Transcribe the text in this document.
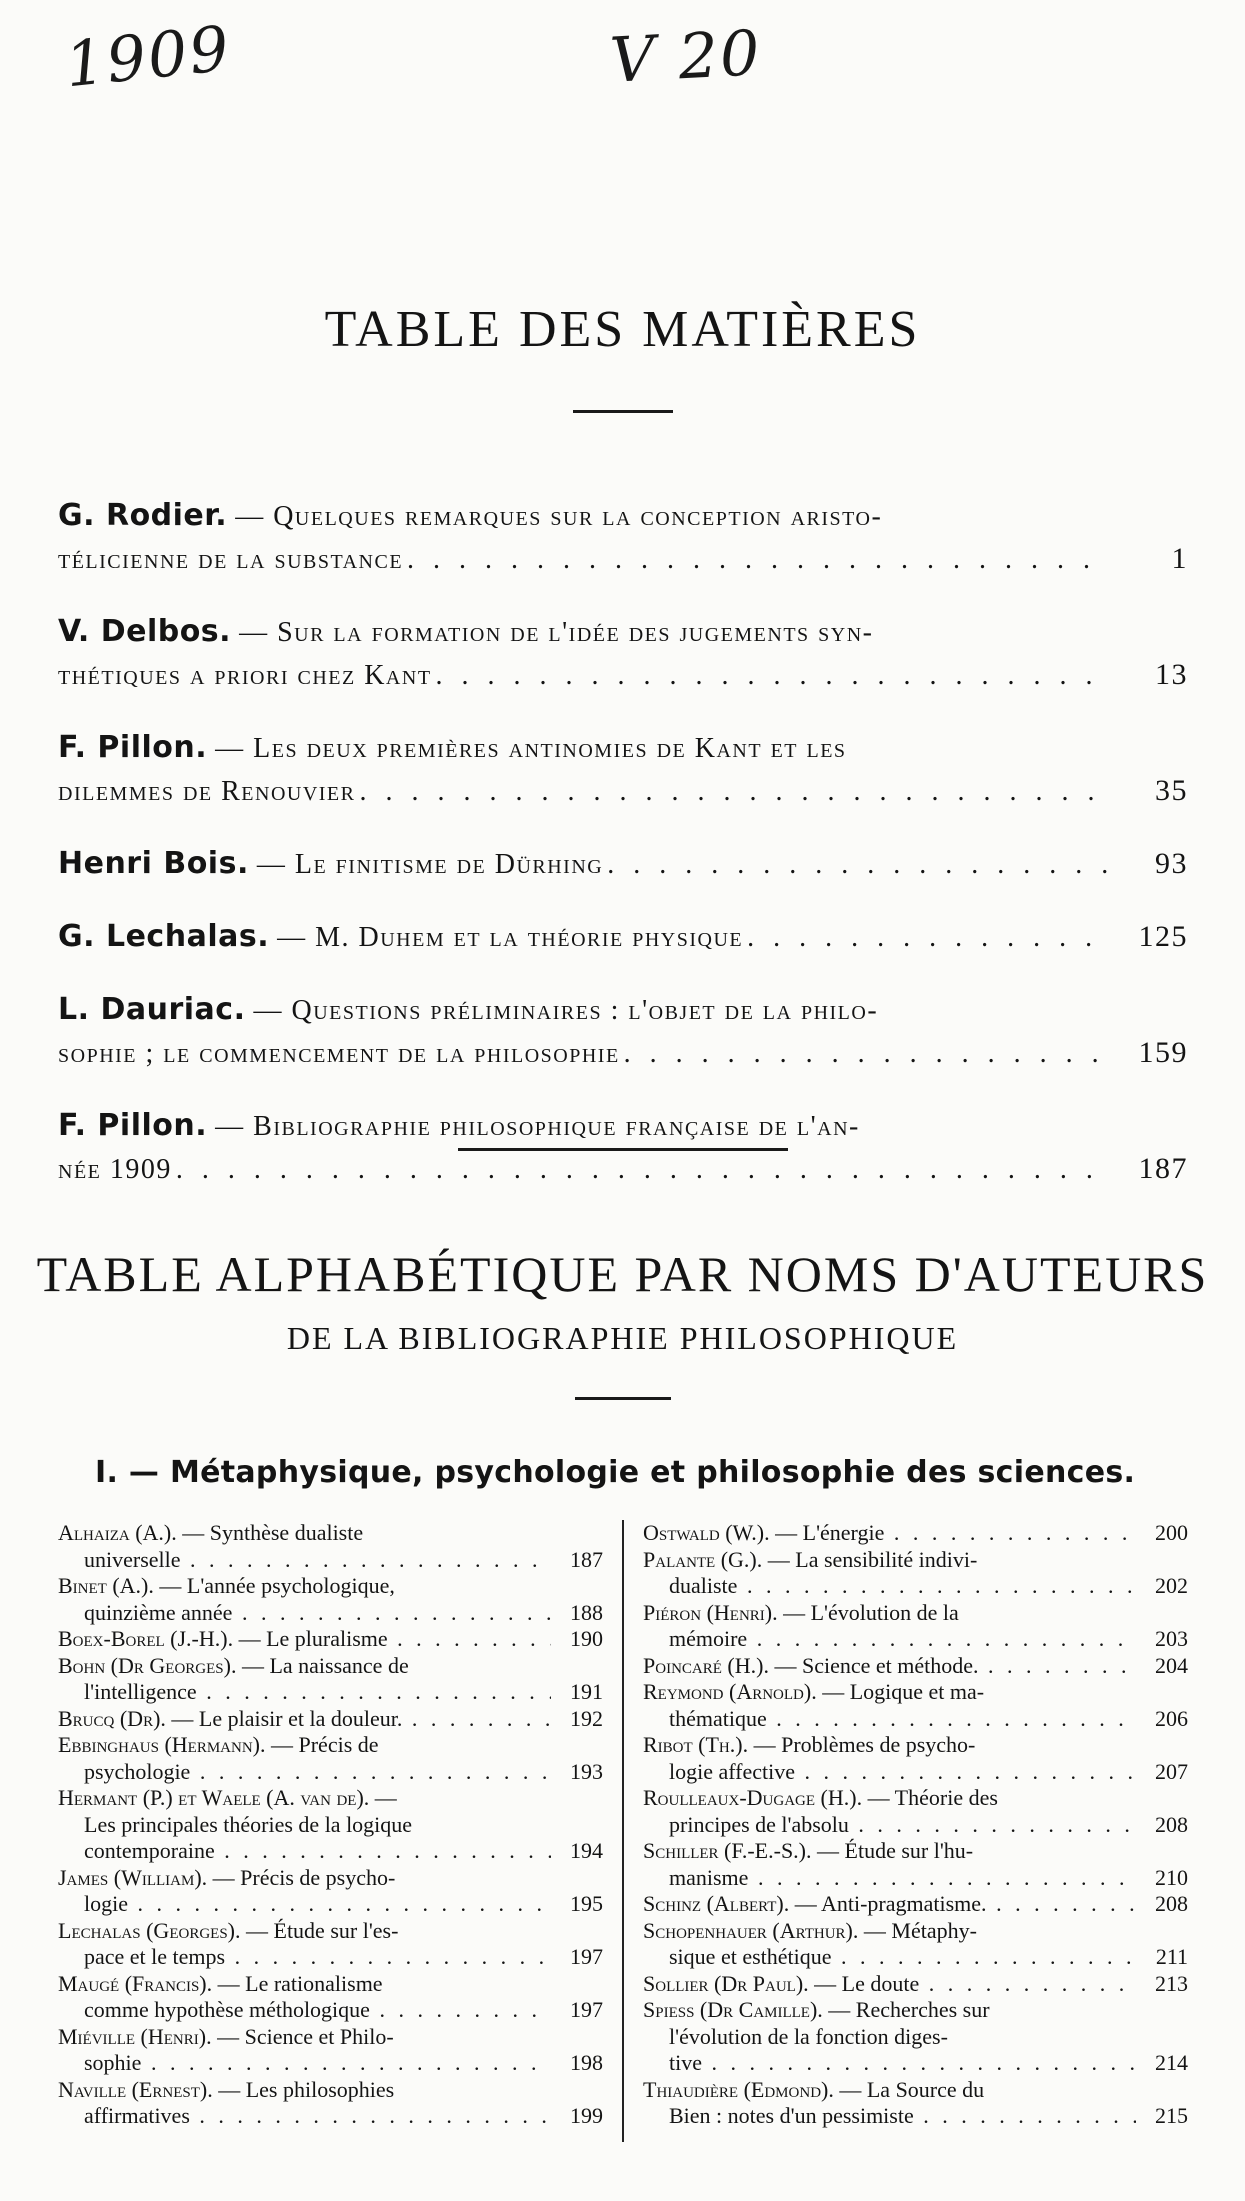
1909	V 20
TABLE DES MATIÈRES
G. Rodier. — Quelques remarques sur la conception aristo-
télicienne de la substance . . .	1
V. Delbos. — Sur la formation de l'idée des jugements syn-
thétiques a priori chez Kant . . .	13
F. Pillon. — Les deux premières antinomies de Kant et les
dilemmes de Renouvier . . .	35
Henri Bois. — Le finitisme de Dürhing . . .	93
G. Lechalas. — M. Duhem et la théorie physique . . .	125
L. Dauriac. — Questions préliminaires : l'objet de la philo-
sophie ; le commencement de la philosophie . . .	159
F. Pillon. — Bibliographie philosophique française de l'an-
née 1909 . . .	187
TABLE ALPHABÉTIQUE PAR NOMS D'AUTEURS
DE LA BIBLIOGRAPHIE PHILOSOPHIQUE
I. — Métaphysique, psychologie et philosophie des sciences.
Alhaiza (A.). — Synthèse dualiste
universelle . . .	187
Binet (A.). — L'année psychologique,
quinzième année . . .	188
Boex-Borel (J.-H.). — Le pluralisme . . .	190
Bohn (Dr Georges). — La naissance de
l'intelligence . . .	191
Brucq (Dr). — Le plaisir et la douleur. . . .	192
Ebbinghaus (Hermann). — Précis de
psychologie . . .	193
Hermant (P.) et Waele (A. van de). —
Les principales théories de la logique
contemporaine . . .	194
James (William). — Précis de psycho-
logie . . .	195
Lechalas (Georges). — Étude sur l'es-
pace et le temps . . .	197
Maugé (Francis). — Le rationalisme
comme hypothèse méthologique . . .	197
Miéville (Henri). — Science et Philo-
sophie . . .	198
Naville (Ernest). — Les philosophies
affirmatives . . .	199
Ostwald (W.). — L'énergie . . .	200
Palante (G.). — La sensibilité indivi-
dualiste . . .	202
Piéron (Henri). — L'évolution de la
mémoire . . .	203
Poincaré (H.). — Science et méthode. . . .	204
Reymond (Arnold). — Logique et ma-
thématique . . .	206
Ribot (Th.). — Problèmes de psycho-
logie affective . . .	207
Roulleaux-Dugage (H.). — Théorie des
principes de l'absolu . . .	208
Schiller (F.-E.-S.). — Étude sur l'hu-
manisme . . .	210
Schinz (Albert). — Anti-pragmatisme. . . .	208
Schopenhauer (Arthur). — Métaphy-
sique et esthétique . . .	211
Sollier (Dr Paul). — Le doute . . .	213
Spiess (Dr Camille). — Recherches sur
l'évolution de la fonction diges-
tive . . .	214
Thiaudière (Edmond). — La Source du
Bien : notes d'un pessimiste . . .	215
